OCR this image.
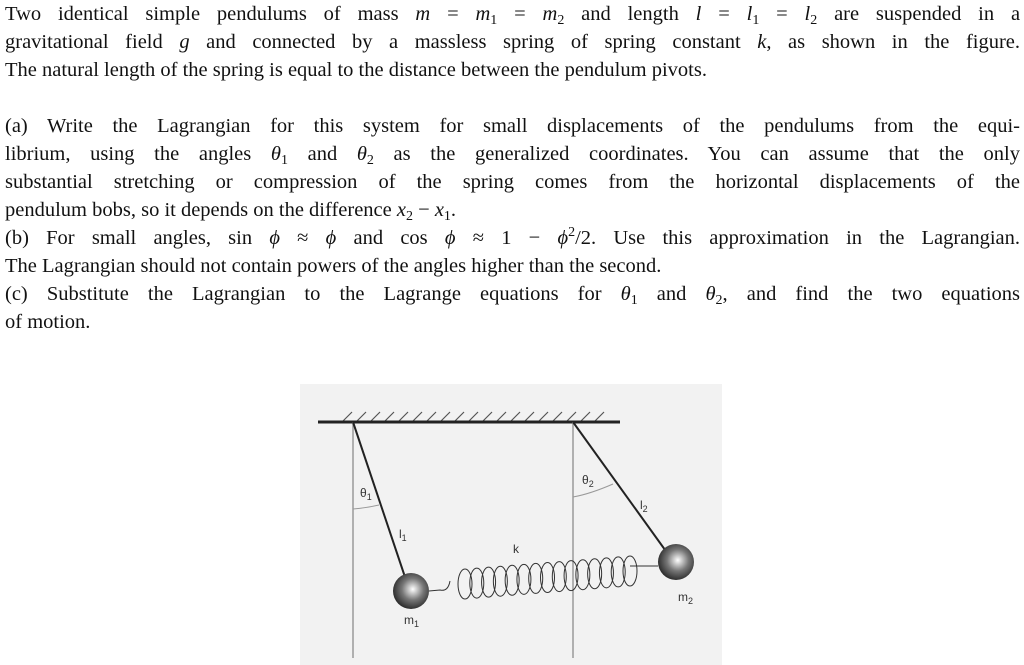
Two identical simple pendulums of mass $m = m_1 = m_2$ and length $l = l_1 = l_2$ are suspended in a
gravitational field g and connected by a massless spring of spring constant k, as shown in the figure.
The natural length of the spring is equal to the distance between the pendulum pivots.
(a) Write the Lagrangian for this system for small displacements of the pendulums from the equi-
librium, using the angles $\theta_1$ and $\theta_2$ as the generalized coordinates. You can assume that the only
substantial stretching or compression of the spring comes from the horizontal displacements of the
pendulum bobs, so it depends on the difference $x_2 - x_1$.
(b) For small angles, sin ϕ ≈ ϕ and $\cos \phi \approx 1 - \phi^2/2$. Use this approximation in the Lagrangian.
The Lagrangian should not contain powers of the angles higher than the second.
(c) Substitute the Lagrangian to the Lagrange equations for $\theta_1$ and $\theta_2$, and find the two equations
of motion.
$\theta_1$
$\theta_2$
$l_1$
$l_2$
k
$m_1$
$m_2$
